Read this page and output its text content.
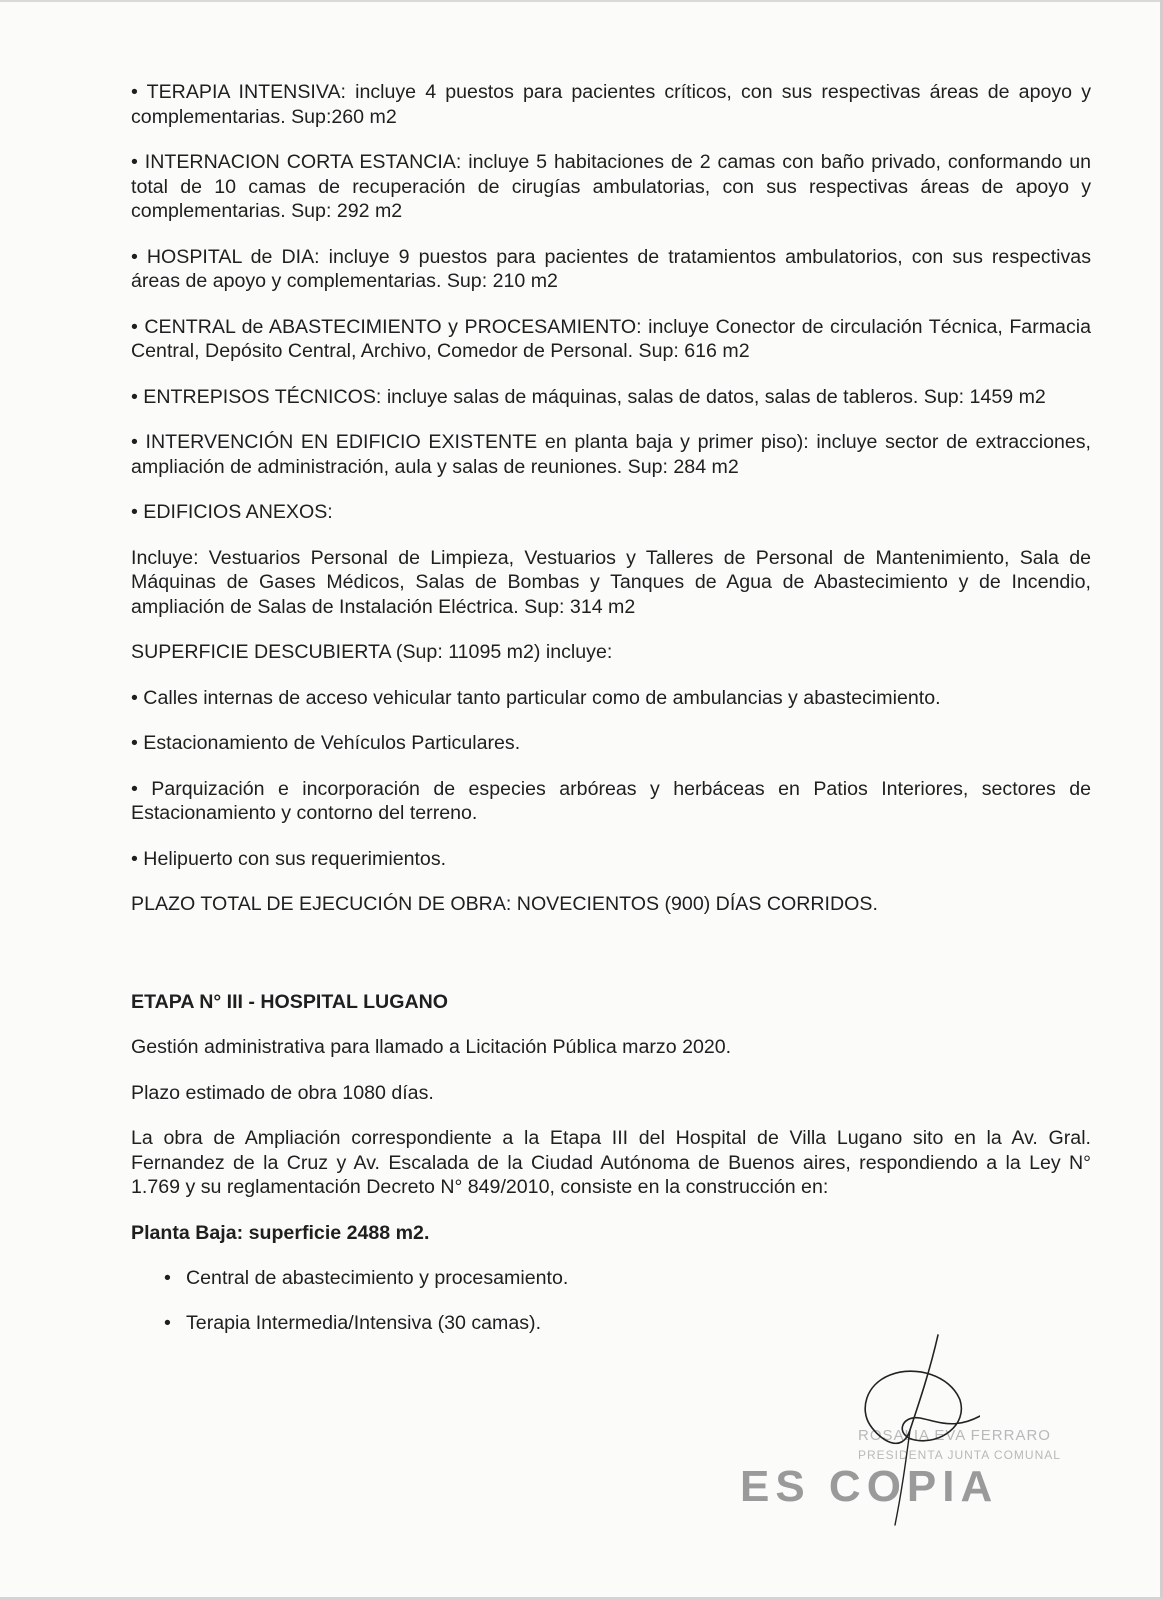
• TERAPIA INTENSIVA: incluye 4 puestos para pacientes críticos, con sus respectivas áreas de apoyo y complementarias. Sup:260 m2

• INTERNACION CORTA ESTANCIA: incluye 5 habitaciones de 2 camas con baño privado, conformando un total de 10 camas de recuperación de cirugías ambulatorias, con sus respectivas áreas de apoyo y complementarias. Sup: 292 m2

• HOSPITAL de DIA: incluye 9 puestos para pacientes de tratamientos ambulatorios, con sus respectivas áreas de apoyo y complementarias. Sup: 210 m2

• CENTRAL de ABASTECIMIENTO y PROCESAMIENTO: incluye Conector de circulación Técnica, Farmacia Central, Depósito Central, Archivo, Comedor de Personal. Sup: 616 m2

• ENTREPISOS TÉCNICOS: incluye salas de máquinas, salas de datos, salas de tableros. Sup: 1459 m2

• INTERVENCIÓN EN EDIFICIO EXISTENTE en planta baja y primer piso): incluye sector de extracciones, ampliación de administración, aula y salas de reuniones. Sup: 284 m2

• EDIFICIOS ANEXOS:

Incluye: Vestuarios Personal de Limpieza, Vestuarios y Talleres de Personal de Mantenimiento, Sala de Máquinas de Gases Médicos, Salas de Bombas y Tanques de Agua de Abastecimiento y de Incendio, ampliación de Salas de Instalación Eléctrica. Sup: 314 m2

SUPERFICIE DESCUBIERTA (Sup: 11095 m2) incluye:

• Calles internas de acceso vehicular tanto particular como de ambulancias y abastecimiento.

• Estacionamiento de Vehículos Particulares.

• Parquización e incorporación de especies arbóreas y herbáceas en Patios Interiores, sectores de Estacionamiento y contorno del terreno.

• Helipuerto con sus requerimientos.

PLAZO TOTAL DE EJECUCIÓN DE OBRA: NOVECIENTOS (900) DÍAS CORRIDOS.

ETAPA N° III - HOSPITAL LUGANO

Gestión administrativa para llamado a Licitación Pública marzo 2020.

Plazo estimado de obra 1080 días.

La obra de Ampliación correspondiente a la Etapa III del Hospital de Villa Lugano sito en la Av. Gral. Fernandez de la Cruz y Av. Escalada de la Ciudad Autónoma de Buenos aires, respondiendo a la Ley N° 1.769 y su reglamentación Decreto N° 849/2010, consiste en la construcción en:

Planta Baja: superficie 2488 m2.

• Central de abastecimiento y procesamiento.
• Terapia Intermedia/Intensiva (30 camas).
ROSALIA EVA FERRARO
PRESIDENTA JUNTA COMUNAL
ES COPIA
